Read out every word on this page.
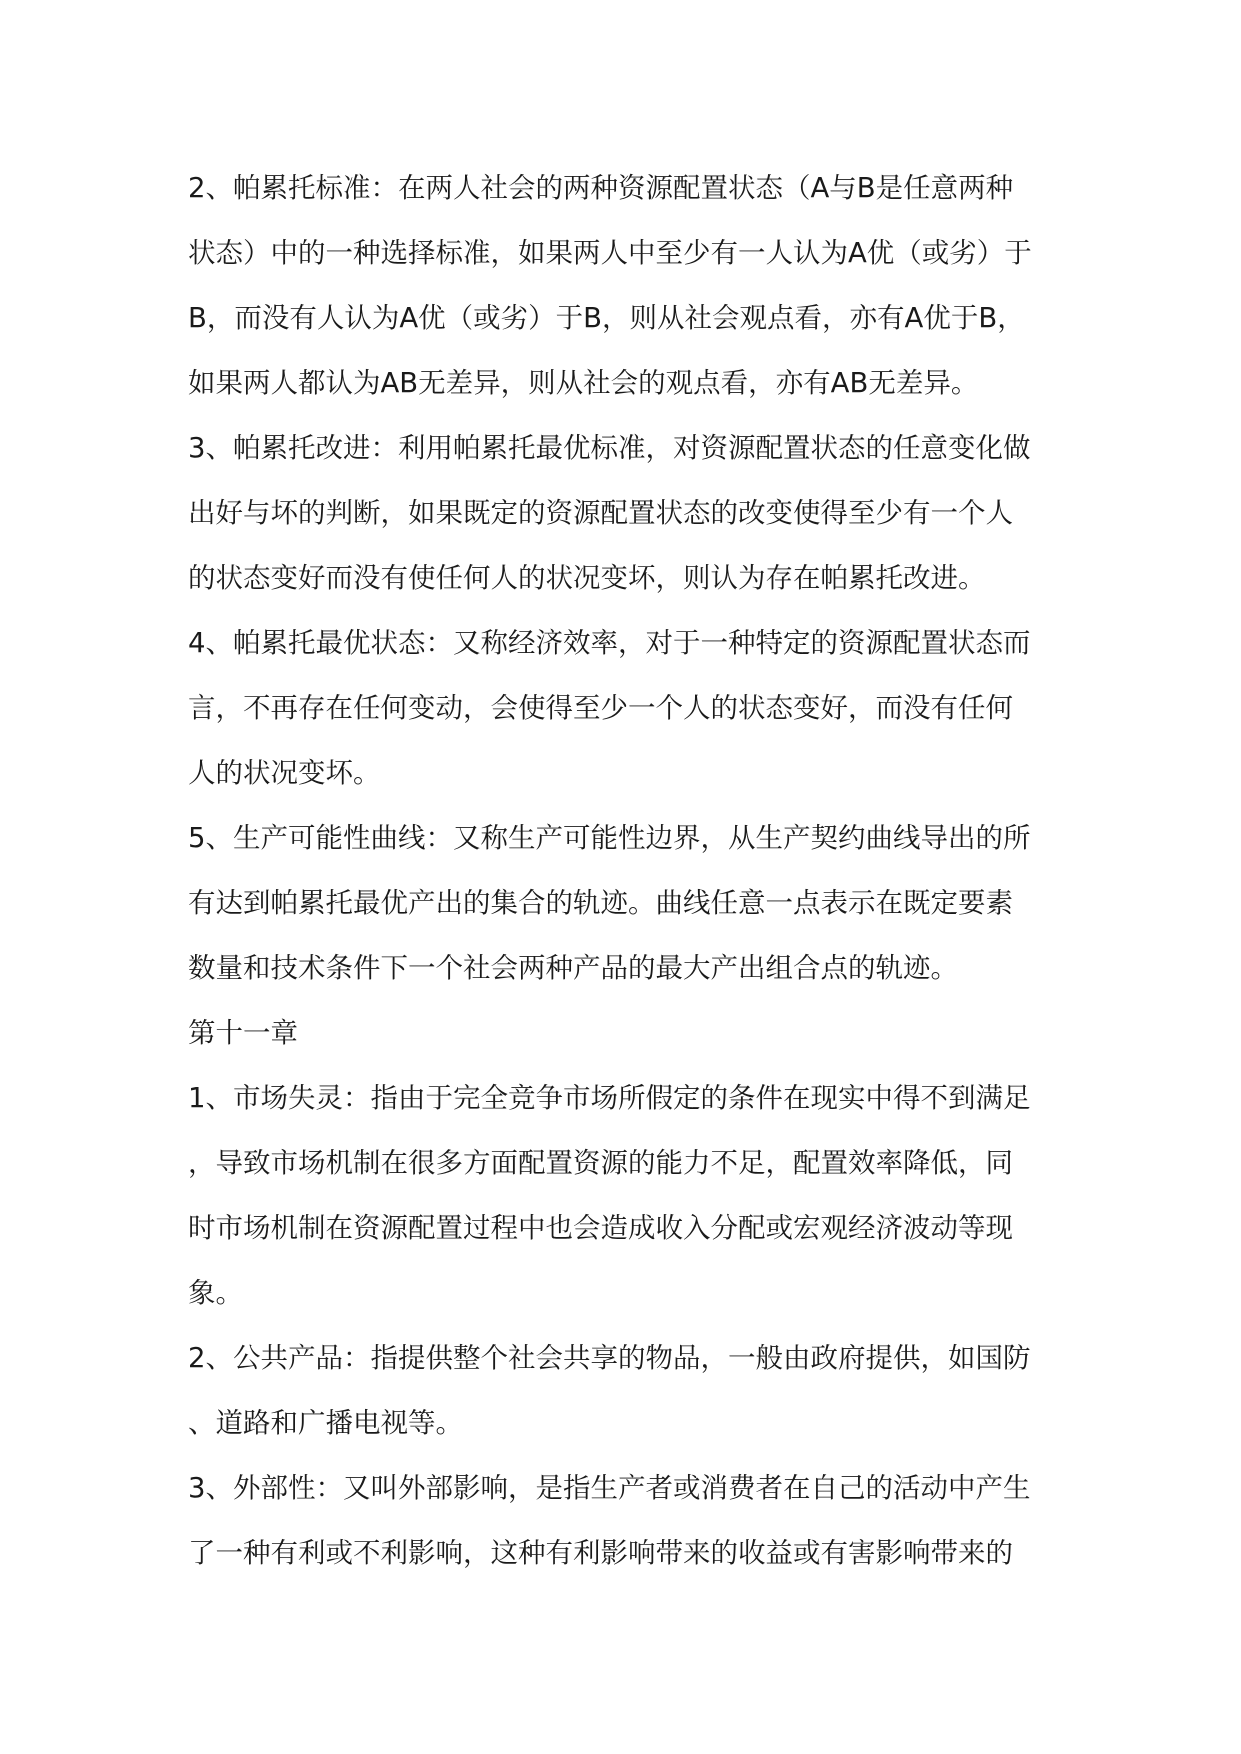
2、帕累托标准：在两人社会的两种资源配置状态（A与B是任意两种
状态）中的一种选择标准，如果两人中至少有一人认为A优（或劣）于
B，而没有人认为A优（或劣）于B，则从社会观点看，亦有A优于B，
如果两人都认为AB无差异，则从社会的观点看，亦有AB无差异。
3、帕累托改进：利用帕累托最优标准，对资源配置状态的任意变化做
出好与坏的判断，如果既定的资源配置状态的改变使得至少有一个人
的状态变好而没有使任何人的状况变坏，则认为存在帕累托改进。
4、帕累托最优状态：又称经济效率，对于一种特定的资源配置状态而
言，不再存在任何变动，会使得至少一个人的状态变好，而没有任何
人的状况变坏。
5、生产可能性曲线：又称生产可能性边界，从生产契约曲线导出的所
有达到帕累托最优产出的集合的轨迹。曲线任意一点表示在既定要素
数量和技术条件下一个社会两种产品的最大产出组合点的轨迹。
第十一章
1、市场失灵：指由于完全竞争市场所假定的条件在现实中得不到满足
，导致市场机制在很多方面配置资源的能力不足，配置效率降低，同
时市场机制在资源配置过程中也会造成收入分配或宏观经济波动等现
象。
2、公共产品：指提供整个社会共享的物品，一般由政府提供，如国防
、道路和广播电视等。
3、外部性：又叫外部影响，是指生产者或消费者在自己的活动中产生
了一种有利或不利影响，这种有利影响带来的收益或有害影响带来的
